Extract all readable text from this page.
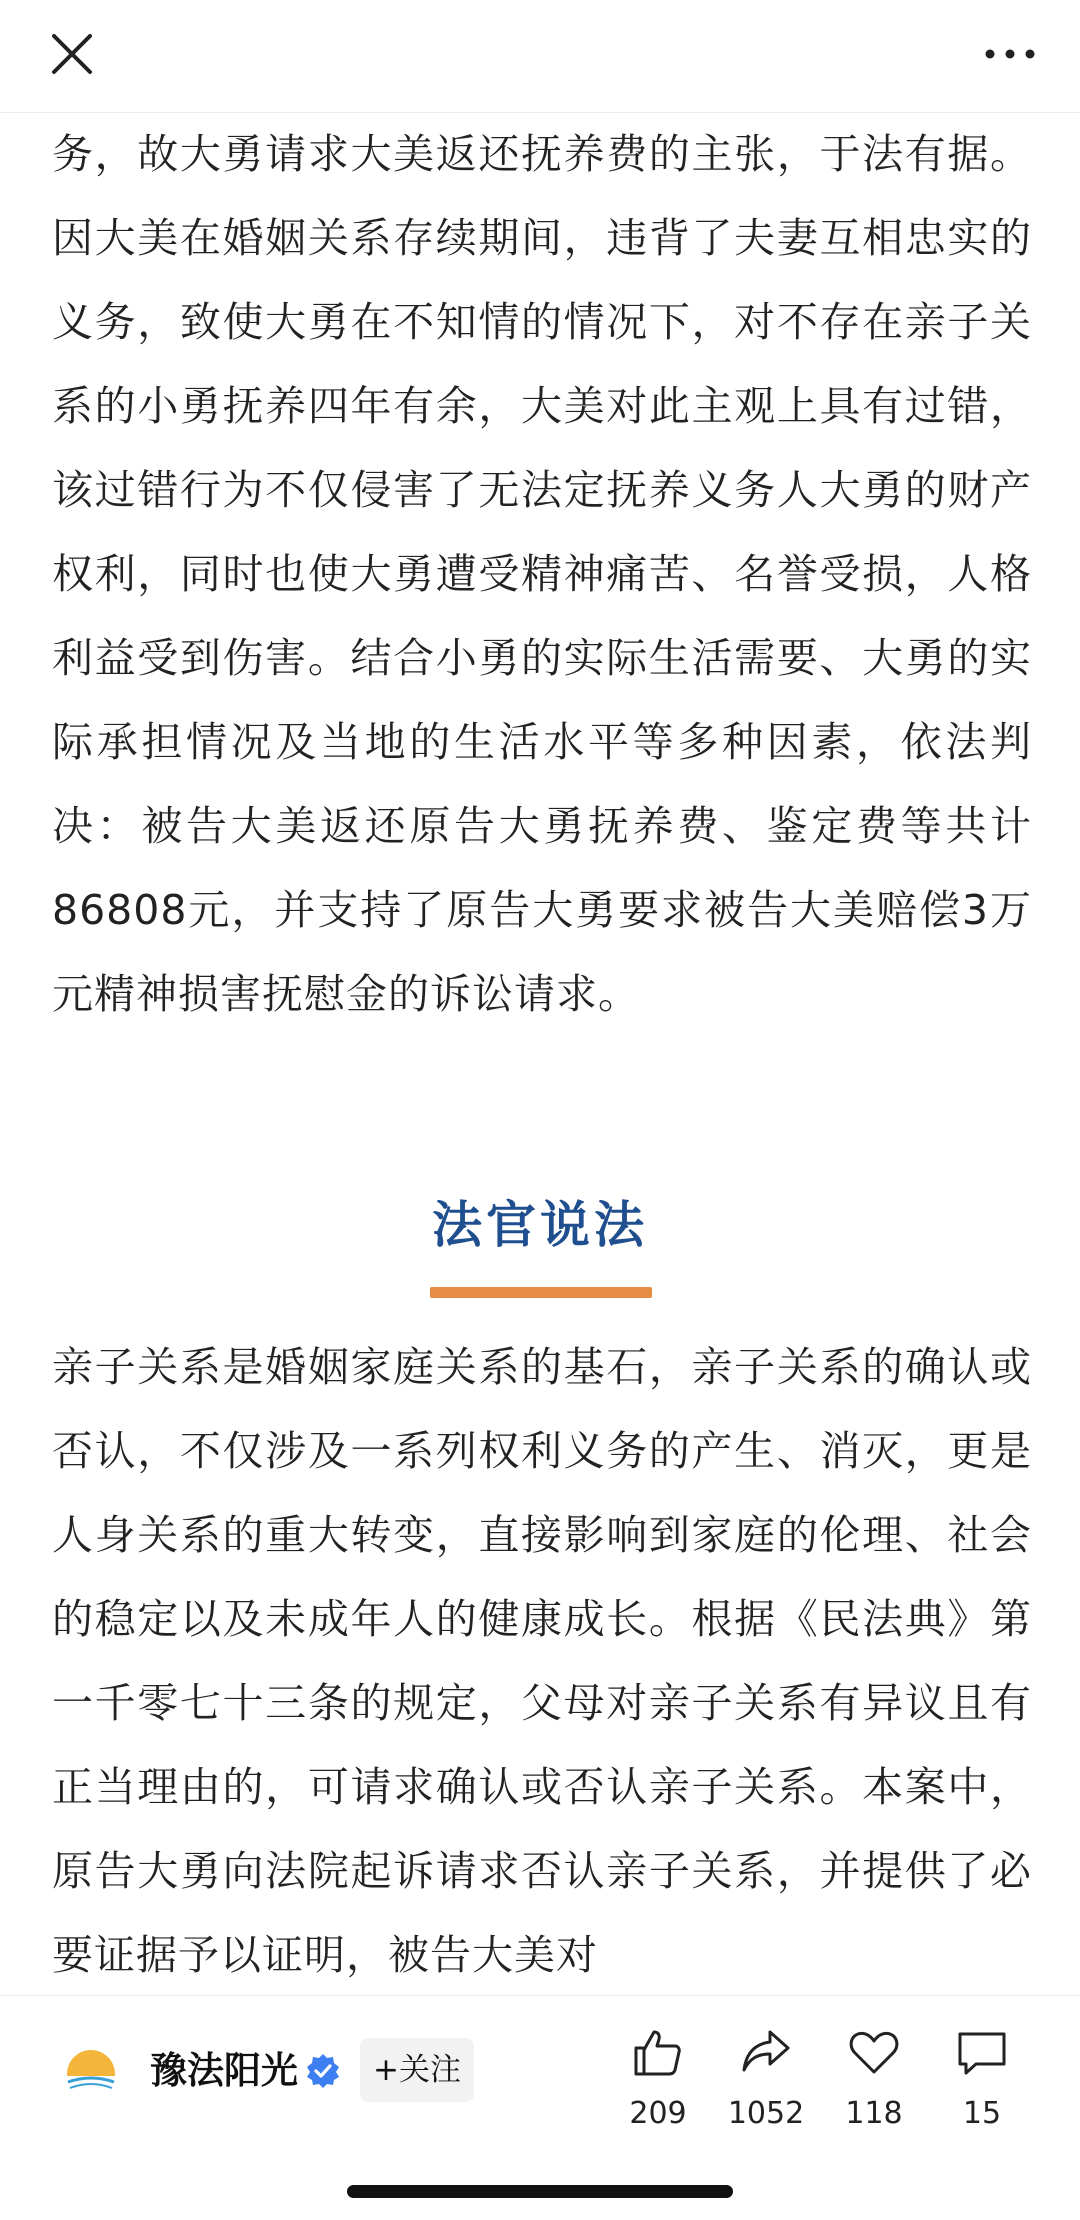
务，故大勇请求大美返还抚养费的主张，于法有据。因大美在婚姻关系存续期间，违背了夫妻互相忠实的义务，致使大勇在不知情的情况下，对不存在亲子关系的小勇抚养四年有余，大美对此主观上具有过错，该过错行为不仅侵害了无法定抚养义务人大勇的财产权利，同时也使大勇遭受精神痛苦、名誉受损，人格利益受到伤害。结合小勇的实际生活需要、大勇的实际承担情况及当地的生活水平等多种因素，依法判决：被告大美返还原告大勇抚养费、鉴定费等共计86808元，并支持了原告大勇要求被告大美赔偿3万元精神损害抚慰金的诉讼请求。

法官说法

亲子关系是婚姻家庭关系的基石，亲子关系的确认或否认，不仅涉及一系列权利义务的产生、消灭，更是人身关系的重大转变，直接影响到家庭的伦理、社会的稳定以及未成年人的健康成长。根据《民法典》第一千零七十三条的规定，父母对亲子关系有异议且有正当理由的，可请求确认或否认亲子关系。本案中，原告大勇向法院起诉请求否认亲子关系，并提供了必要证据予以证明，被告大美对

豫法阳光	+关注
209	1052	118	15
